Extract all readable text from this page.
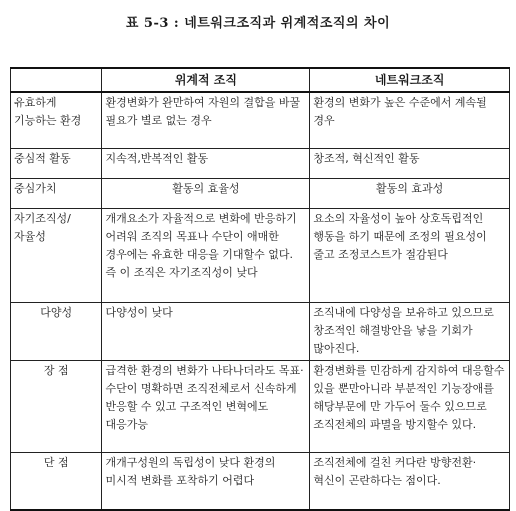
표 5-3 : 네트워크조직과 위계적조직의 차이
	위계적 조직	네트워크조직
유효하게 기능하는 환경	환경변화가 완만하여 자원의 결합을 바꿀 필요가 별로 없는 경우	환경의 변화가 높은 수준에서 계속될 경우
중심적 활동	지속적,반복적인 활동	창조적, 혁신적인 활동
중심가치	활동의 효율성	활동의 효과성
자기조직성/자율성	개개요소가 자율적으로 변화에 반응하기 어려워 조직의 목표나 수단이 애매한 경우에는 유효한 대응을 기대할수 없다. 즉 이 조직은 자기조직성이 낮다	요소의 자율성이 높아 상호독립적인 행동을 하기 때문에 조정의 필요성이 줄고 조정코스트가 절감된다
다양성	다양성이 낮다	조직내에 다양성을 보유하고 있으므로 창조적인 해결방안을 낳을 기회가 많아진다.
장 점	급격한 환경의 변화가 나타나더라도 목표·수단이 명확하면 조직전체로서 신속하게 반응할 수 있고 구조적인 변혁에도 대응가능	환경변화를 민감하게 감지하여 대응할수 있을 뿐만아니라 부분적인 기능장애를 해당부문에 만 가두어 둘수 있으므로 조직전체의 파멸을 방지할수 있다.
단 점	개개구성원의 독립성이 낮다 환경의 미시적 변화를 포착하기 어렵다	조직전체에 걸친 커다란 방향전환·혁신이 곤란하다는 점이다.
